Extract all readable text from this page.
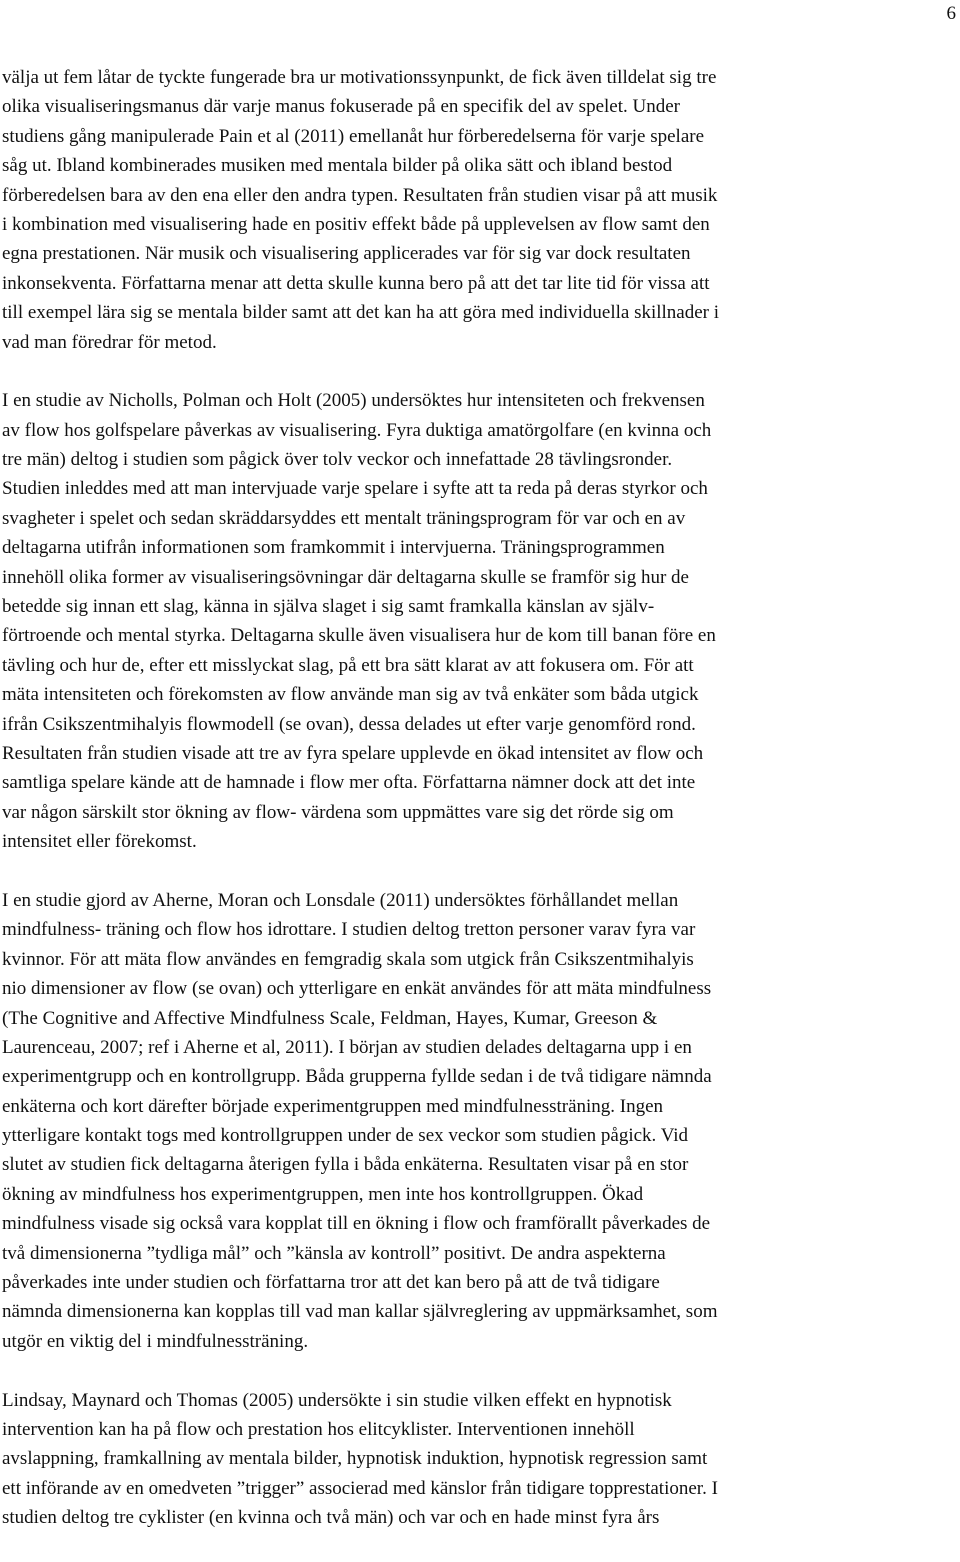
6

välja ut fem låtar de tyckte fungerade bra ur motivationssynpunkt, de fick även tilldelat sig tre
olika visualiseringsmanus där varje manus fokuserade på en specifik del av spelet. Under
studiens gång manipulerade Pain et al (2011) emellanåt hur förberedelserna för varje spelare
såg ut. Ibland kombinerades musiken med mentala bilder på olika sätt och ibland bestod
förberedelsen bara av den ena eller den andra typen. Resultaten från studien visar på att musik
i kombination med visualisering hade en positiv effekt både på upplevelsen av flow samt den
egna prestationen. När musik och visualisering applicerades var för sig var dock resultaten
inkonsekventa. Författarna menar att detta skulle kunna bero på att det tar lite tid för vissa att
till exempel lära sig se mentala bilder samt att det kan ha att göra med individuella skillnader i
vad man föredrar för metod.

I en studie av Nicholls, Polman och Holt (2005) undersöktes hur intensiteten och frekvensen
av flow hos golfspelare påverkas av visualisering. Fyra duktiga amatörgolfare (en kvinna och
tre män) deltog i studien som pågick över tolv veckor och innefattade 28 tävlingsronder.
Studien inleddes med att man intervjuade varje spelare i syfte att ta reda på deras styrkor och
svagheter i spelet och sedan skräddarsyddes ett mentalt träningsprogram för var och en av
deltagarna utifrån informationen som framkommit i intervjuerna. Träningsprogrammen
innehöll olika former av visualiseringsövningar där deltagarna skulle se framför sig hur de
betedde sig innan ett slag, känna in själva slaget i sig samt framkalla känslan av själv-
förtroende och mental styrka. Deltagarna skulle även visualisera hur de kom till banan före en
tävling och hur de, efter ett misslyckat slag, på ett bra sätt klarat av att fokusera om. För att
mäta intensiteten och förekomsten av flow använde man sig av två enkäter som båda utgick
ifrån Csikszentmihalyis flowmodell (se ovan), dessa delades ut efter varje genomförd rond.
Resultaten från studien visade att tre av fyra spelare upplevde en ökad intensitet av flow och
samtliga spelare kände att de hamnade i flow mer ofta. Författarna nämner dock att det inte
var någon särskilt stor ökning av flow- värdena som uppmättes vare sig det rörde sig om
intensitet eller förekomst.

I en studie gjord av Aherne, Moran och Lonsdale (2011) undersöktes förhållandet mellan
mindfulness- träning och flow hos idrottare. I studien deltog tretton personer varav fyra var
kvinnor. För att mäta flow användes en femgradig skala som utgick från Csikszentmihalyis
nio dimensioner av flow (se ovan) och ytterligare en enkät användes för att mäta mindfulness
(The Cognitive and Affective Mindfulness Scale, Feldman, Hayes, Kumar, Greeson &
Laurenceau, 2007; ref i Aherne et al, 2011). I början av studien delades deltagarna upp i en
experimentgrupp och en kontrollgrupp. Båda grupperna fyllde sedan i de två tidigare nämnda
enkäterna och kort därefter började experimentgruppen med mindfulnessträning. Ingen
ytterligare kontakt togs med kontrollgruppen under de sex veckor som studien pågick. Vid
slutet av studien fick deltagarna återigen fylla i båda enkäterna. Resultaten visar på en stor
ökning av mindfulness hos experimentgruppen, men inte hos kontrollgruppen. Ökad
mindfulness visade sig också vara kopplat till en ökning i flow och framförallt påverkades de
två dimensionerna ”tydliga mål” och ”känsla av kontroll” positivt. De andra aspekterna
påverkades inte under studien och författarna tror att det kan bero på att de två tidigare
nämnda dimensionerna kan kopplas till vad man kallar självreglering av uppmärksamhet, som
utgör en viktig del i mindfulnessträning.

Lindsay, Maynard och Thomas (2005) undersökte i sin studie vilken effekt en hypnotisk
intervention kan ha på flow och prestation hos elitcyklister. Interventionen innehöll
avslappning, framkallning av mentala bilder, hypnotisk induktion, hypnotisk regression samt
ett införande av en omedveten ”trigger” associerad med känslor från tidigare topprestationer. I
studien deltog tre cyklister (en kvinna och två män) och var och en hade minst fyra års
